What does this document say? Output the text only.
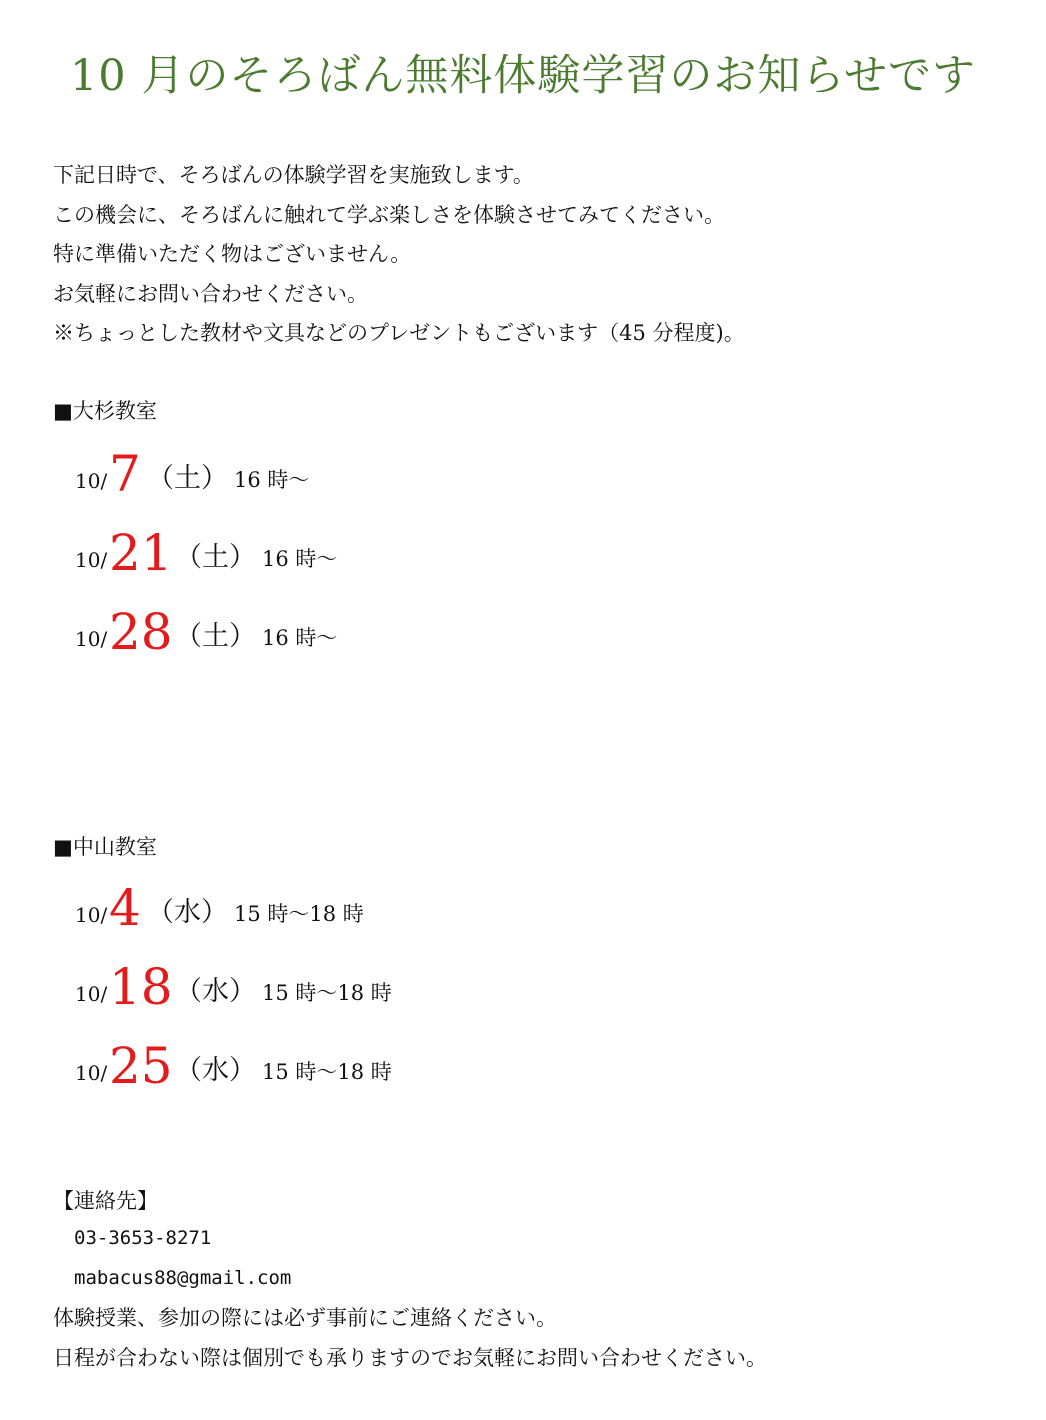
10 月のそろばん無料体験学習のお知らせです
下記日時で、そろばんの体験学習を実施致します。
この機会に、そろばんに触れて学ぶ楽しさを体験させてみてください。
特に準備いただく物はございません。
お気軽にお問い合わせください。
※ちょっとした教材や文具などのプレゼントもございます（45 分程度)。
■大杉教室
10/ 7 （土） 16 時～
10/ 21 （土） 16 時～
10/ 28 （土） 16 時～
■中山教室
10/ 4 （水） 15 時～18 時
10/ 18 （水） 15 時～18 時
10/ 25 （水） 15 時～18 時
【連絡先】
03-3653-8271
mabacus88@gmail.com
体験授業、参加の際には必ず事前にご連絡ください。
日程が合わない際は個別でも承りますのでお気軽にお問い合わせください。
